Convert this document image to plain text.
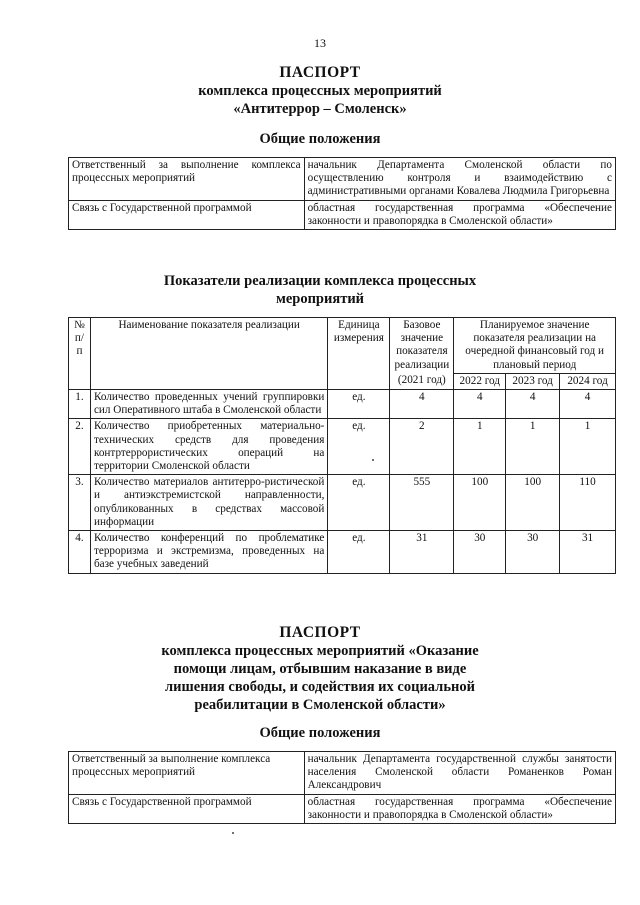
13
ПАСПОРТ
комплекса процессных мероприятий
«Антитеррор – Смоленск»
Общие положения
Ответственный за выполнение комплекса процессных мероприятий	начальник Департамента Смоленской области по осуществлению контроля и взаимодействию с административными органами Ковалева Людмила Григорьевна
Связь с Государственной программой	областная государственная программа «Обеспечение законности и правопорядка в Смоленской области»
Показатели реализации комплекса процессных
мероприятий
№ п/п	Наименование показателя реализации	Единица измерения	Базовое значение показателя реализации	Планируемое значение показателя реализации на очередной финансовый год и плановый период		
			(2021 год)	2022 год	2023 год	2024 год
1.	Количество проведенных учений группировки сил Оперативного штаба в Смоленской области	ед.	4	4	4	4
2.	Количество приобретенных материально-технических средств для проведения контртеррористических операций на территории Смоленской области	ед.	2	1	1	1
3.	Количество материалов антитерро-ристической и антиэкстремистской направленности, опубликованных в средствах массовой информации	ед.	555	100	100	110
4.	Количество конференций по проблематике терроризма и экстремизма, проведенных на базе учебных заведений	ед.	31	30	30	31
ПАСПОРТ
комплекса процессных мероприятий «Оказание
помощи лицам, отбывшим наказание в виде
лишения свободы, и содействия их социальной
реабилитации в Смоленской области»
Общие положения
Ответственный за выполнение комплекса процессных мероприятий	начальник Департамента государственной службы занятости населения Смоленской области Романенков Роман Александрович
Связь с Государственной программой	областная государственная программа «Обеспечение законности и правопорядка в Смоленской области»
